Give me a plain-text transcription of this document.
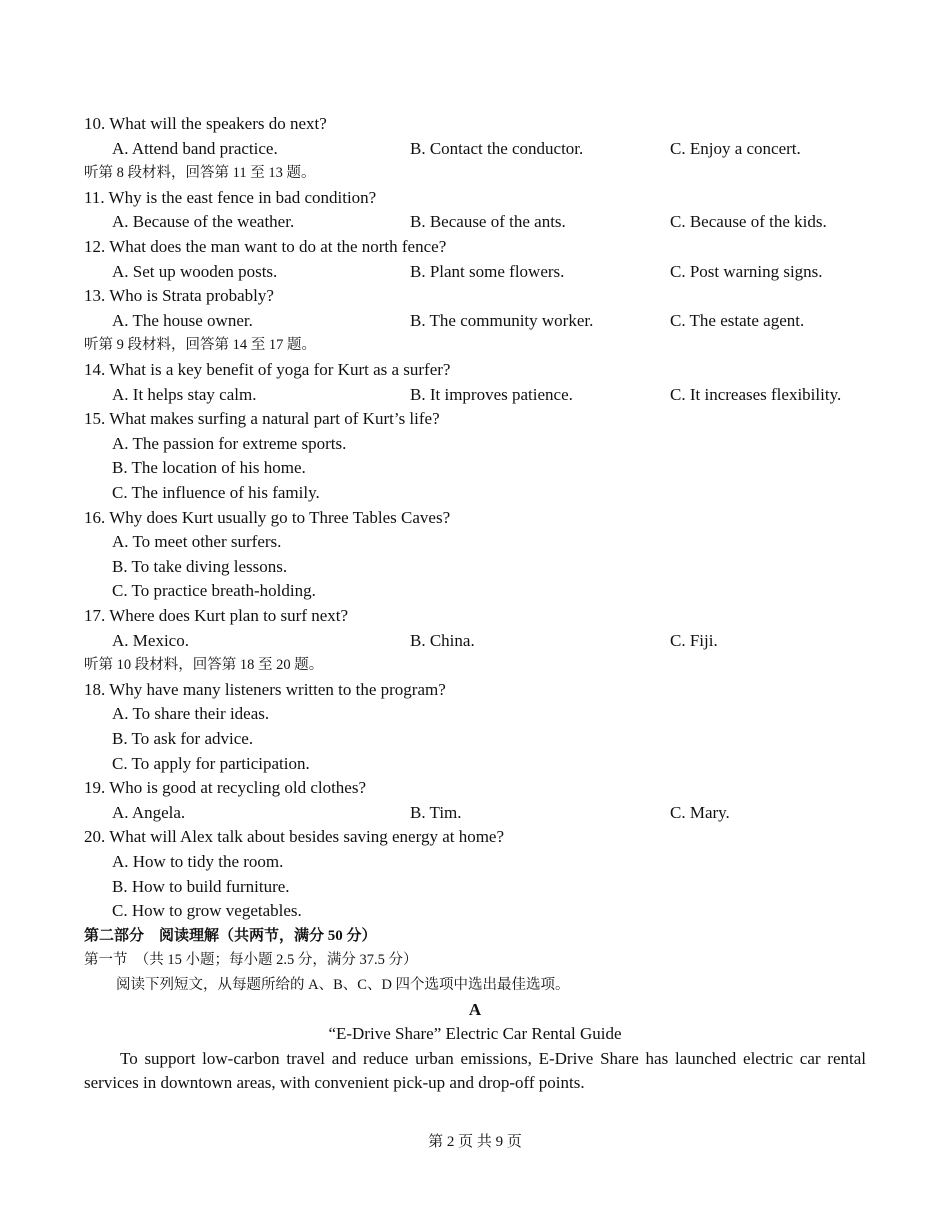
10. What will the speakers do next?
A. Attend band practice.	B. Contact the conductor.	C. Enjoy a concert.
听第 8 段材料，回答第 11 至 13 题。
11. Why is the east fence in bad condition?
A. Because of the weather.	B. Because of the ants.	C. Because of the kids.
12. What does the man want to do at the north fence?
A. Set up wooden posts.	B. Plant some flowers.	C. Post warning signs.
13. Who is Strata probably?
A. The house owner.	B. The community worker.	C. The estate agent.
听第 9 段材料，回答第 14 至 17 题。
14. What is a key benefit of yoga for Kurt as a surfer?
A. It helps stay calm.	B. It improves patience.	C. It increases flexibility.
15. What makes surfing a natural part of Kurt’s life?
A. The passion for extreme sports.
B. The location of his home.
C. The influence of his family.
16. Why does Kurt usually go to Three Tables Caves?
A. To meet other surfers.
B. To take diving lessons.
C. To practice breath-holding.
17. Where does Kurt plan to surf next?
A. Mexico.	B. China.	C. Fiji.
听第 10 段材料，回答第 18 至 20 题。
18. Why have many listeners written to the program?
A. To share their ideas.
B. To ask for advice.
C. To apply for participation.
19. Who is good at recycling old clothes?
A. Angela.	B. Tim.	C. Mary.
20. What will Alex talk about besides saving energy at home?
A. How to tidy the room.
B. How to build furniture.
C. How to grow vegetables.
第二部分　阅读理解（共两节，满分 50 分）
第一节　（共 15 小题；每小题 2.5 分，满分 37.5 分）
阅读下列短文，从每题所给的 A、B、C、D 四个选项中选出最佳选项。
A
“E-Drive Share” Electric Car Rental Guide
To support low-carbon travel and reduce urban emissions, E-Drive Share has launched electric car rental services in downtown areas, with convenient pick-up and drop-off points.
第 2 页 共 9 页
